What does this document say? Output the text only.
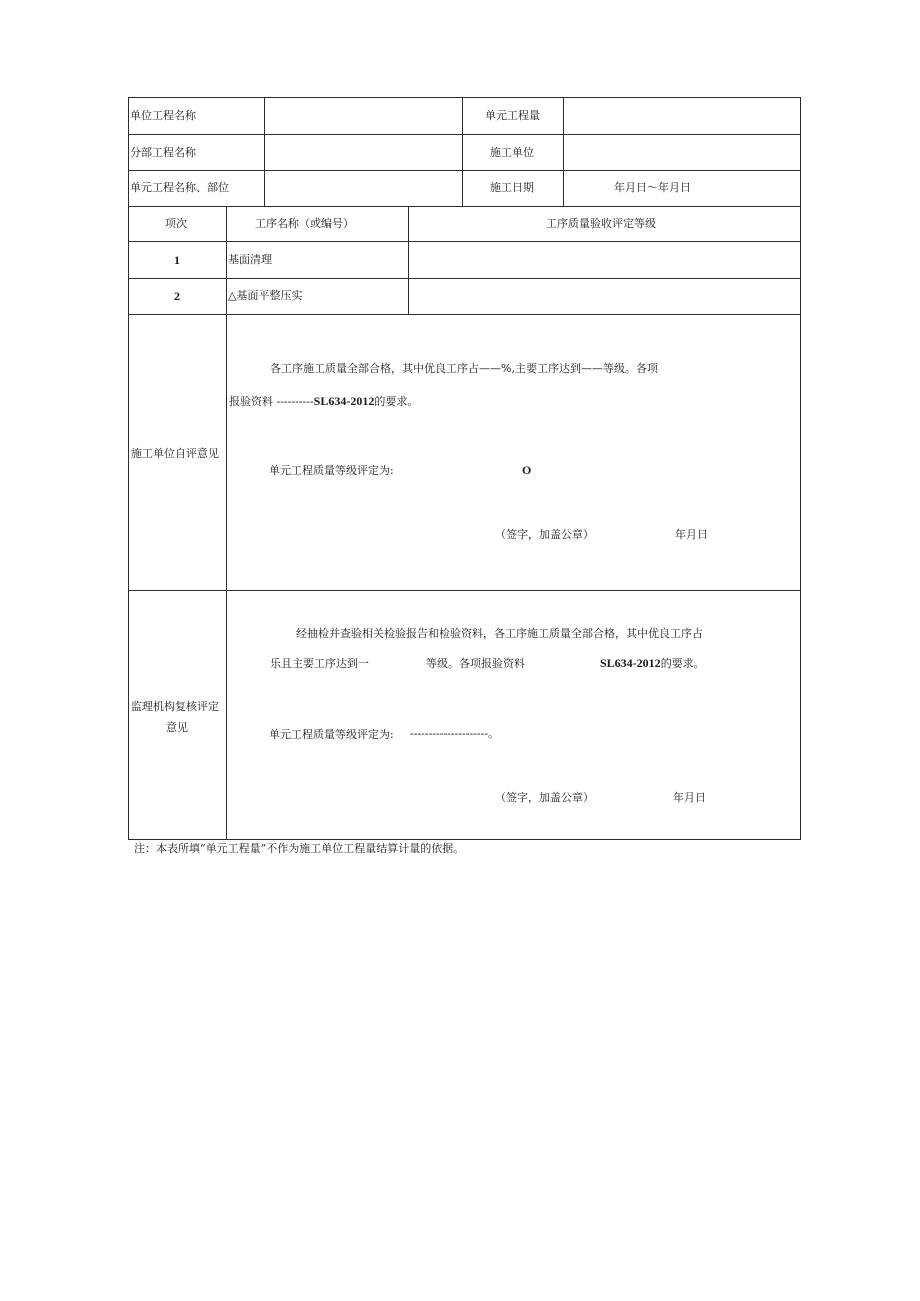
单位工程名称	单元工程量
分部工程名称	施工单位
单元工程名称、部位	施工日期	年月日～年月日
项次	工序名称（或编号）	工序质量验收评定等级
1	基面清理
2	△基面平整压实
施工单位自评意见
各工序施工质量全部合格，其中优良工序占——%,主要工序达到——等级。各项
报验资料 ----------SL634-2012的要求。
单元工程质量等级评定为:	O
（签字，加盖公章）	年月日
监理机构复核评定
意见
经抽检并查验相关检验报告和检验资料，各工序施工质量全部合格，其中优良工序占
乐且主要工序达到一	等级。各项报验资料	SL634-2012的要求。
单元工程质量等级评定为: ---------------------。
（签字，加盖公章）	年月日
注：本表所填“单元工程量”不作为施工单位工程量结算计量的依据。
